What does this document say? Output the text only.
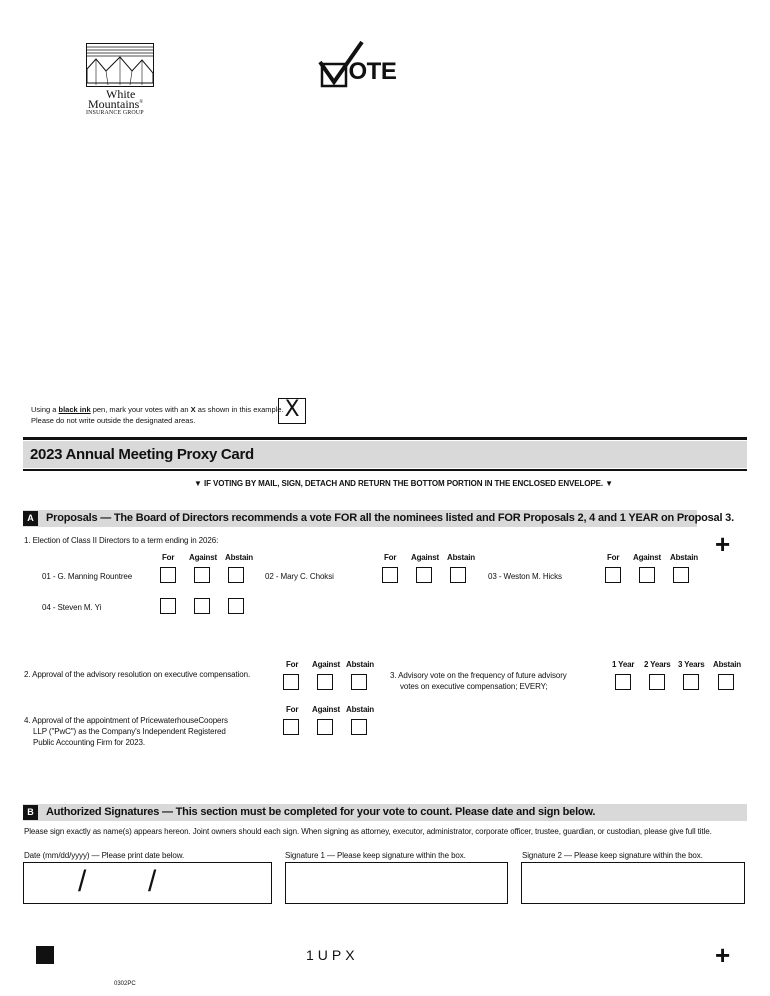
White
Mountains®
INSURANCE GROUP
OTE
Using a black ink pen, mark your votes with an X as shown in this example.
Please do not write outside the designated areas.	X
2023 Annual Meeting Proxy Card
▼ IF VOTING BY MAIL, SIGN, DETACH AND RETURN THE BOTTOM PORTION IN THE ENCLOSED ENVELOPE. ▼
A	Proposals — The Board of Directors recommends a vote FOR all the nominees listed and FOR Proposals 2, 4 and 1 YEAR on Proposal 3.
+
1. Election of Class II Directors to a term ending in 2026:
For Against Abstain	For Against Abstain	For Against Abstain
01 - G. Manning Rountree	02 - Mary C. Choksi	03 - Weston M. Hicks
04 - Steven M. Yi
For Against Abstain
2. Approval of the advisory resolution on executive compensation.	3. Advisory vote on the frequency of future advisory
votes on executive compensation; EVERY;
1 Year 2 Years 3 Years Abstain
For Against Abstain
4. Approval of the appointment of PricewaterhouseCoopers
LLP ("PwC") as the Company's Independent Registered
Public Accounting Firm for 2023.
B	Authorized Signatures — This section must be completed for your vote to count. Please date and sign below.
Please sign exactly as name(s) appears hereon. Joint owners should each sign. When signing as attorney, executor, administrator, corporate officer, trustee, guardian, or custodian, please give full title.
Date (mm/dd/yyyy) — Please print date below.	Signature 1 — Please keep signature within the box.	Signature 2 — Please keep signature within the box.
/ /
1UPX	+
0302PC
